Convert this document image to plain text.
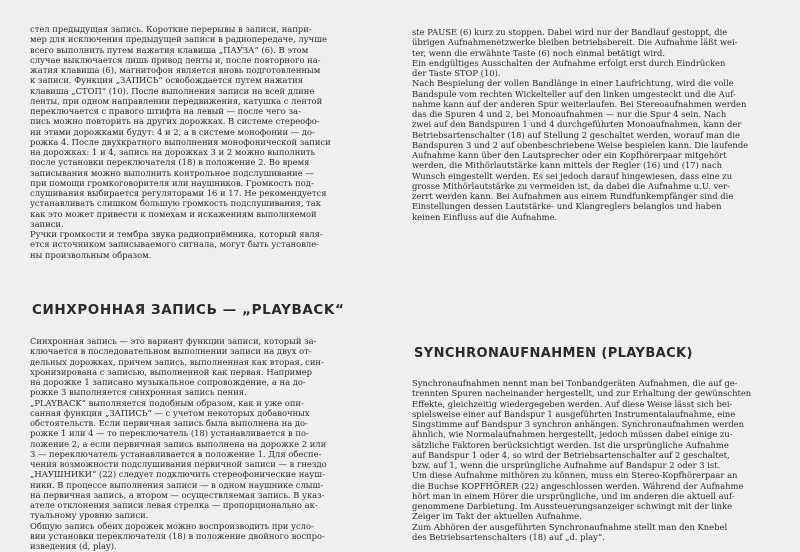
стел предыдущая запись. Короткие перерывы в записи, напри-
мер для исключения предыдущей записи в радиопередаче, лучше
всего выполнить путем нажатия клавиша „ПАУЗА“ (6). В этом
случае выключается лишь привод ленты и, после повторного на-
жатия клавиша (6), магнитофон является вновь подготовленным
к записи. Функция „ЗАПИСЬ“ освобождается путем нажатия
клавиша „СТОП“ (10). После выполнения записи на всей длине
ленты, при одном направлении передвижения, катушка с лентой
переключается с правого штифта на левый — после чего за-
пись можно повторить на других дорожках. В системе стереофо-
ни этими дорожками будут: 4 и 2, а в системе монофонии — до-
рожка 4. После двухкратного выполнения монофонической записи
на дорожках: 1 и 4, запись на дорожках 3 и 2 можно выполнить
после установки переключателя (18) в положение 2. Во время
записывания можно выполнить контрольное подслушивание —
при помощи громкоговорителя или наушников. Громкость под-
слушивания выбирается регуляторами 16 и 17. Не рекомендуется
устанавливать слишком большую громкость подслушивания, так
как это может привести к помехам и искажениям выполняемой
записи.
Ручки громкости и тембра звука радиоприёмника, который явля-
ется источником записываемого сигнала, могут быть установле-
ны произвольным образом.

СИНХРОННАЯ ЗАПИСЬ — „PLAYBACK“

Синхронная запись — это вариант функции записи, который за-
ключается в последовательном выполнении записи на двух от-
дельных дорожках, причем запись, выполненная как вторая, син-
хронизирована с записью, выполненной как первая. Например
на дорожке 1 записано музыкальное сопровождение, а на до-
рожке 3 выполняется синхронная запись пения.
„PLAYBACK“ выполняется подобным образом, как и уже опи-
санная функция „ЗАПИСЬ“ — с учетом некоторых добавочных
обстоятельств. Если первичная запись была выполнена на до-
рожке 1 или 4 — то переключатель (18) устанавливается в по-
ложение 2, а если первичная запись выполнена на дорожке 2 или
3 — переключатель устанавливается в положение 1. Для обеспе-
чения возможности подслушивания первичной записи — в гнездо
„НАУШНИКИ“ (22) следует подключить стереофонические науш-
ники. В процессе выполнения записи — в одном наушнике слыш-
на первичная запись, а втором — осуществляемая запись. В указ-
ателе отклонения записи левая стрелка — пропорционально ак-
туальному уровню записи.
Общую запись обеих дорожек можно воспроизводить при усло-
вии установки переключателя (18) в положение двойного воспро-
изведения (d, play).

ste PAUSE (6) kurz zu stoppen. Dabei wird nur der Bandlauf gestoppt, die
übrigen Aufnahmenetzwerke bleiben betriebsbereit. Die Aufnahme läßt wei-
ter, wenn die erwähnte Taste (6) noch einmal betätigt wird.
Ein endgültiges Ausschalten der Aufnahme erfolgt erst durch Eindrücken
der Taste STOP (10).
Nach Bespielung der vollen Bandlänge in einer Laufrichtung, wird die volle
Bandspule vom rechten Wickelteller auf den linken umgesteckt und die Auf-
nahme kann auf der anderen Spur weiterlaufen. Bei Stereoaufnahmen werden
das die Spuren 4 und 2, bei Monoaufnahmen — nur die Spur 4 sein. Nach
zwei auf den Bandspuren 1 und 4 durchgeführten Monoaufnahmen, kann der
Betriebsartenschalter (18) auf Stellung 2 geschaltet werden, worauf man die
Bandspuren 3 und 2 auf obenbeschriebene Weise bespielen kann. Die laufende
Aufnahme kann über den Lautsprecher oder ein Kopfhörerpaar mitgehört
werden, die Mithörlautstärke kann mittels der Regler (16) und (17) nach
Wunsch eingestellt werden. Es sei jedoch darauf hingewiesen, dass eine zu
grosse Mithörlautstärke zu vermeiden ist, da dabei die Aufnahme u.U. ver-
zerrt werden kann. Bei Aufnahmen aus einem Rundfunkempfänger sind die
Einstellungen dessen Lautstärke- und Klangreglers belanglos und haben
keinen Einfluss auf die Aufnahme.

SYNCHRONAUFNAHMEN (PLAYBACK)

Synchronaufnahmen nennt man bei Tonbandgeräten Aufnahmen, die auf ge-
trennten Spuren nacheinander hergestellt, und zur Erhaltung der gewünschten
Effekte, gleichzeitig wiedergegeben werden. Auf diese Weise lässt sich bei-
spielsweise einer auf Bandspur 1 ausgeführten Instrumentalaufnahme, eine
Singstimme auf Bandspur 3 synchron anhängen. Synchronaufnahmen werden
ähnlich, wie Normalaufnahmen hergestellt, jedoch müssen dabei einige zu-
sätzliche Faktoren berücksichtigt werden. Ist die ursprüngliche Aufnahme
auf Bandspur 1 oder 4, so wird der Betriebsartenschalter auf 2 geschaltet,
bzw. auf 1, wenn die ursprüngliche Aufnahme auf Bandspur 2 oder 3 ist.
Um diese Aufnahme mithören zu können, muss ein Stereo-Kopfhörerpaar an
die Buchse KOPFHÖRER (22) angeschlossen werden. Während der Aufnahme
hört man in einem Hörer die ursprüngliche, und im anderen die aktuell auf-
genommene Darbietung. Im Aussteuerungsanzeiger schwingt mit der linke
Zeiger im Takt der aktuellen Aufnahme.
Zum Abhören der ausgeführten Synchronaufnahme stellt man den Knebel
des Betriebsartenschalters (18) auf „d. play“.
